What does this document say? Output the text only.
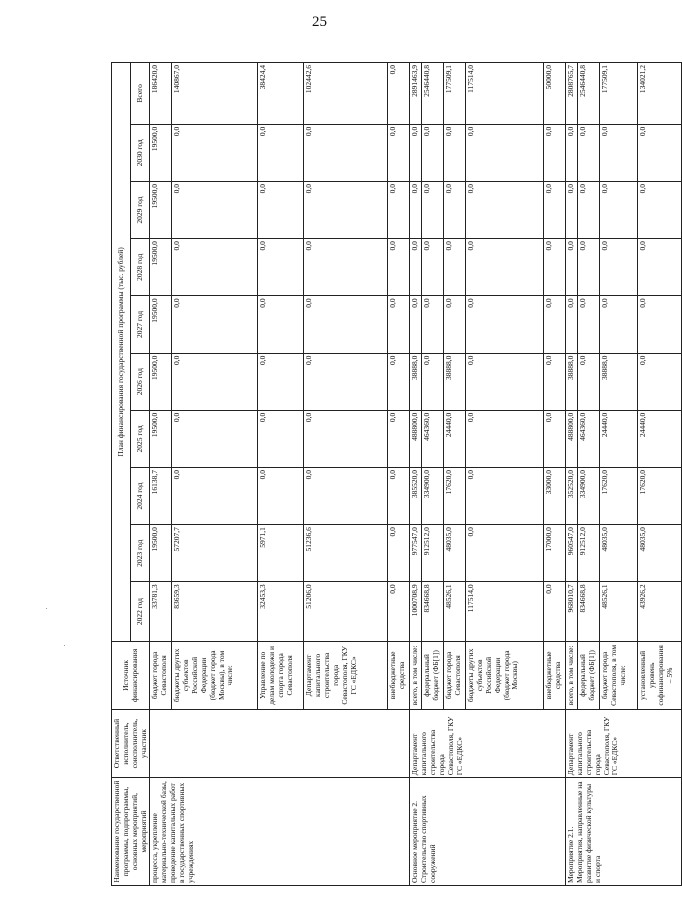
25
Наименование государственной программы, подпрограммы, основных мероприятий, мероприятий	Ответственный исполнитель, соисполнитель, участник	Источник финансирования	План финансирования государственной программы (тыс. рублей)									
			2022 год	2023 год	2024 год	2025 год	2026 год	2027 год	2028 год	2029 год	2030 год	Всего
процесса, укрепление материально-технической базы, проведение капитальных работ в государственных спортивных учреждениях		бюджет города Севастополя	33781,3	19500,0	16138,7	19500,0	19500,0	19500,0	19500,0	19500,0	19500,0	186420,0
		бюджеты других субъектов Российской Федерации (бюджет города Москвы), в том числе:	83659,3	57207,7	0,0	0,0	0,0	0,0	0,0	0,0	0,0	140867,0
		Управление по делам молодежи и спорта города Севастополя	32453,3	5971,1	0,0	0,0	0,0	0,0	0,0	0,0	0,0	38424,4
		Департамент капитального строительства города Севастополя, ГКУ ГС «ЕДКС»	51206,0	51236,6	0,0	0,0	0,0	0,0	0,0	0,0	0,0	102442,6
		внебюджетные средства	0,0	0,0	0,0	0,0	0,0	0,0	0,0	0,0	0,0	0,0
Основное мероприятие 2. Строительство спортивных сооружений	Департамент капитального строительства города Севастополя, ГКУ ГС «ЕДКС»	всего, в том числе:	1000708,9	977547,0	385520,0	488800,0	38888,0	0,0	0,0	0,0	0,0	2891463,9
		федеральный бюджет (ФБ[1])	834668,8	912512,0	334900,0	464360,0	0,0	0,0	0,0	0,0	0,0	2546440,8
		бюджет города Севастополя	48526,1	48035,0	17620,0	24440,0	38888,0	0,0	0,0	0,0	0,0	177509,1
		бюджеты других субъектов Российской Федерации (бюджет города Москвы)	117514,0	0,0	0,0	0,0	0,0	0,0	0,0	0,0	0,0	117514,0
		внебюджетные средства	0,0	17000,0	33000,0	0,0	0,0	0,0	0,0	0,0	0,0	50000,0
Мероприятие 2.1. Мероприятия, направленные на развитие физической культуры и спорта	Департамент капитального строительства города Севастополя, ГКУ ГС «ЕДКС»	всего, в том числе:	968010,7	960547,0	352520,0	488800,0	38888,0	0,0	0,0	0,0	0,0	2808765,7
		федеральный бюджет (ФБ[1])	834668,8	912512,0	334900,0	464360,0	0,0	0,0	0,0	0,0	0,0	2546440,8
		бюджет города Севастополя, в том числе:	48526,1	48035,0	17620,0	24440,0	38888,0	0,0	0,0	0,0	0,0	177509,1
		установленный уровень софинансирования – 5%	43926,2	48035,0	17620,0	24440,0	0,0	0,0	0,0	0,0	0,0	134021,2
